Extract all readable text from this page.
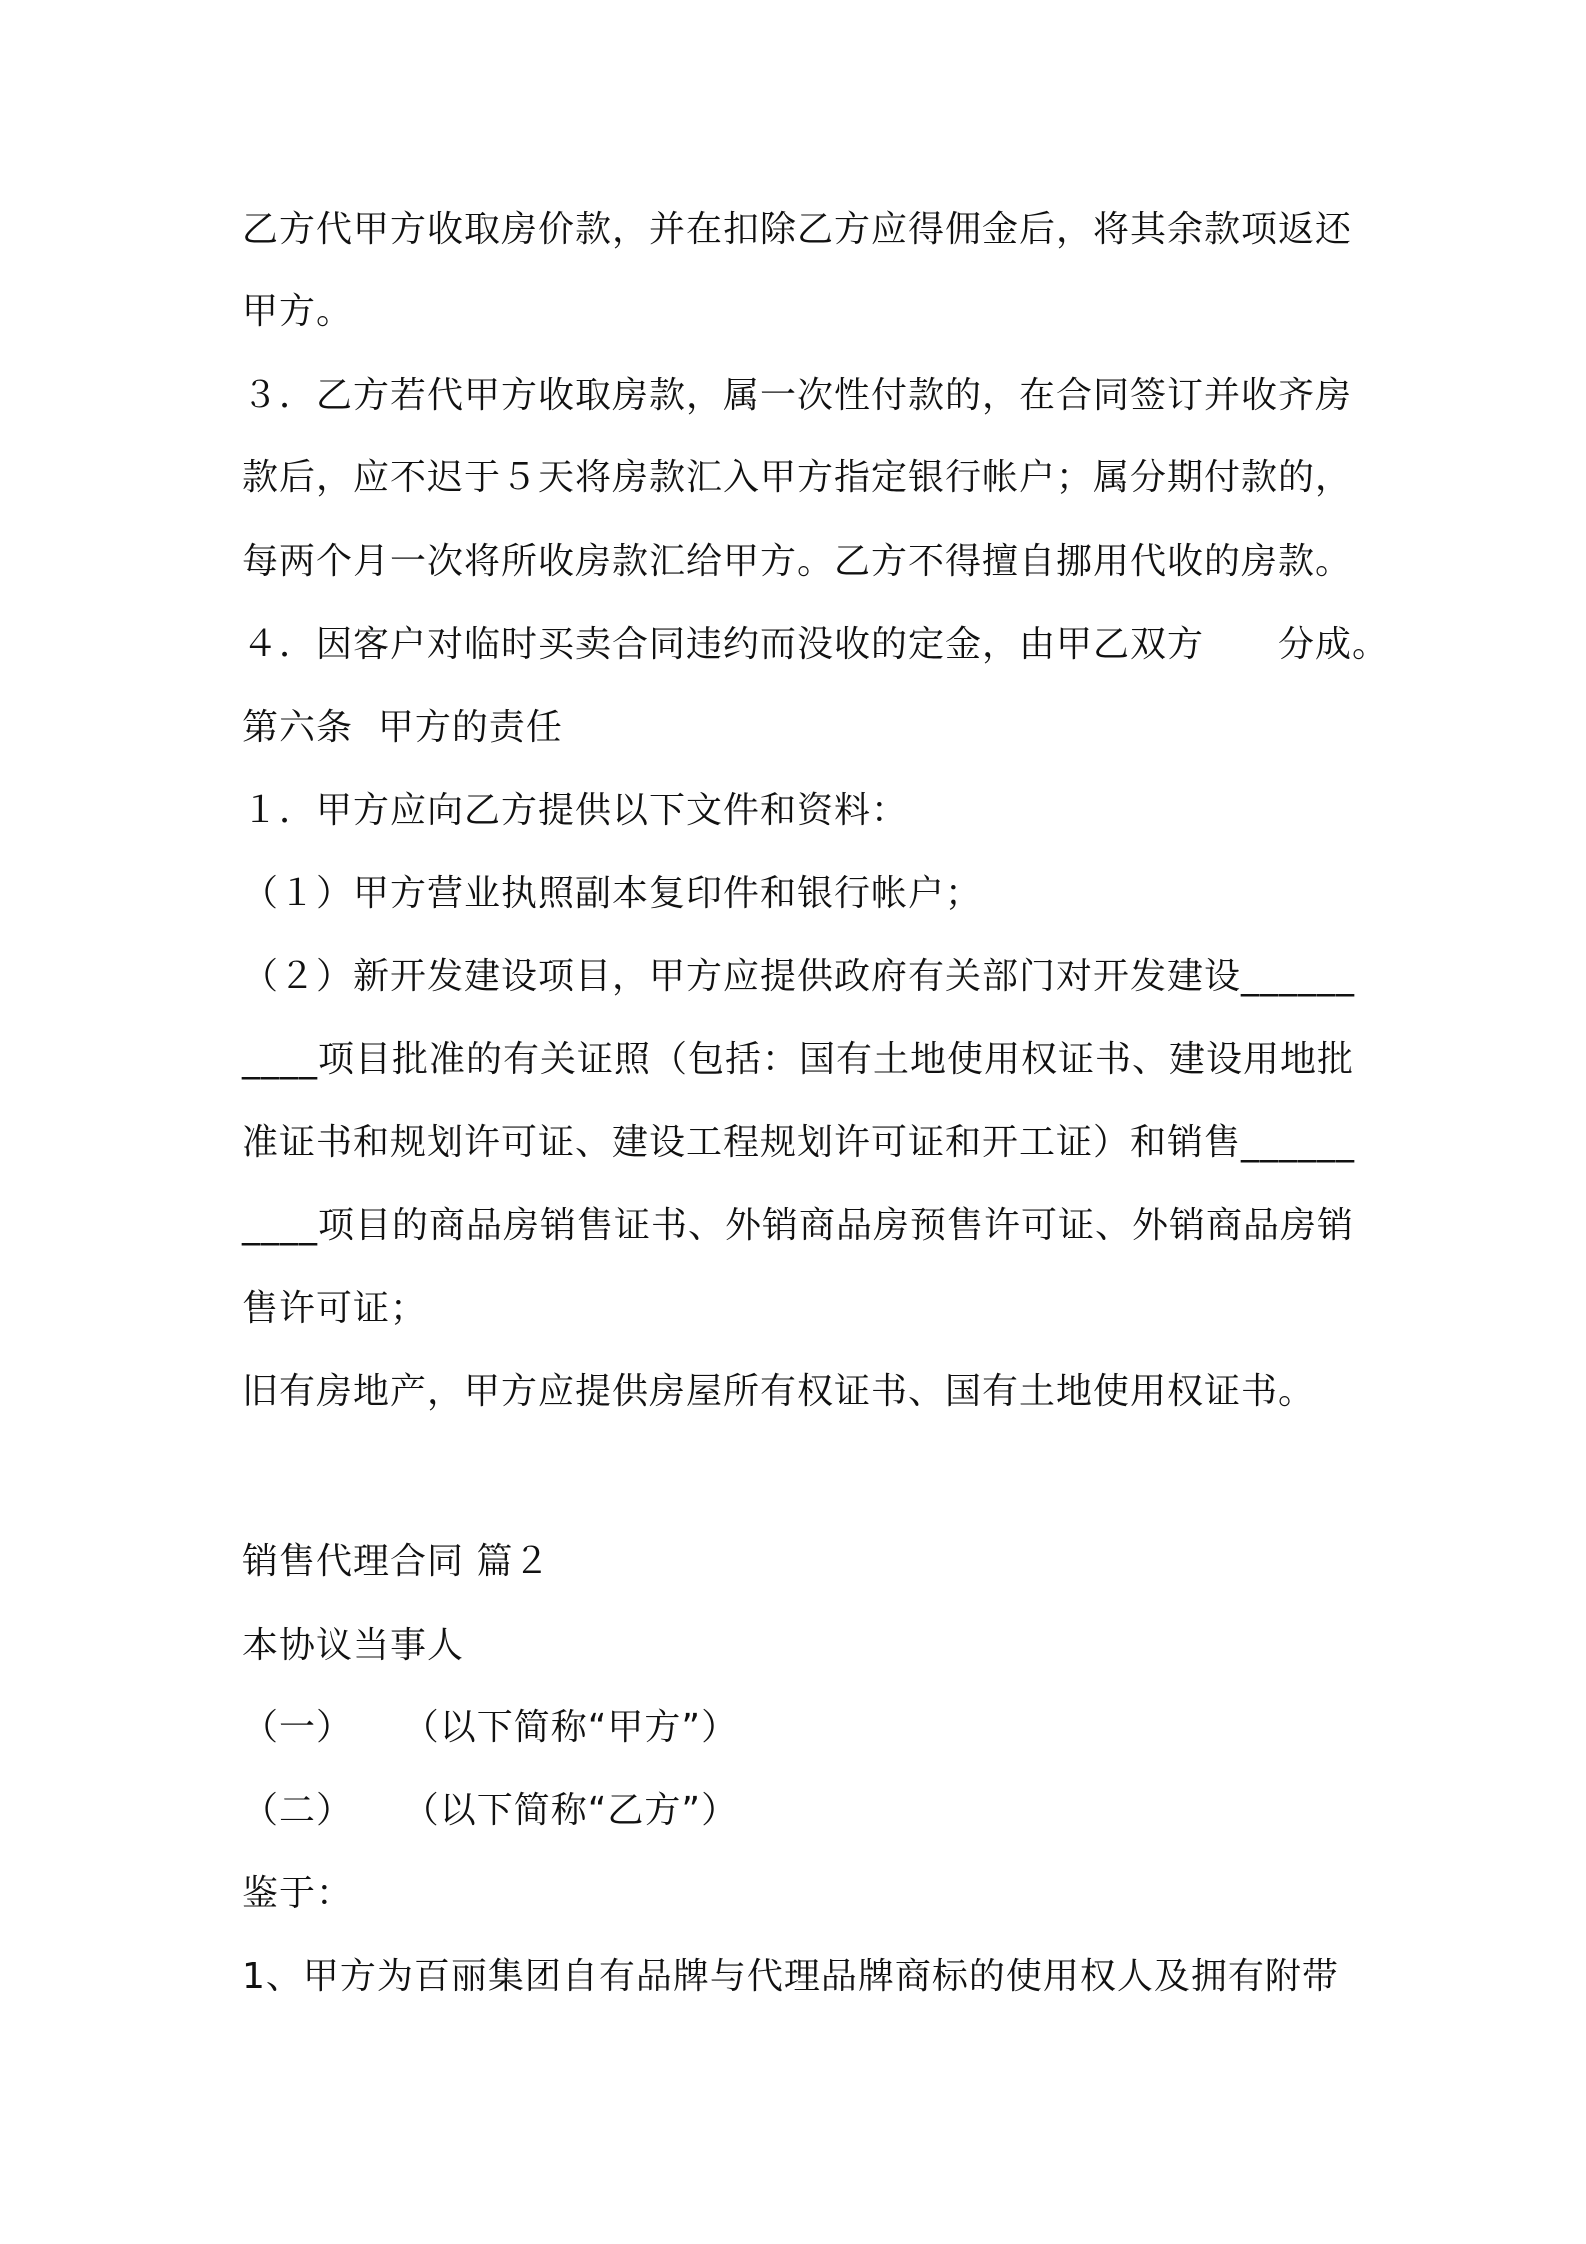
乙方代甲方收取房价款，并在扣除乙方应得佣金后，将其余款项返还
甲方。
３．乙方若代甲方收取房款，属一次性付款的，在合同签订并收齐房
款后，应不迟于５天将房款汇入甲方指定银行帐户；属分期付款的，
每两个月一次将所收房款汇给甲方。乙方不得擅自挪用代收的房款。
４．因客户对临时买卖合同违约而没收的定金，由甲乙双方　　分成。
第六条  甲方的责任
１．甲方应向乙方提供以下文件和资料：
（１）甲方营业执照副本复印件和银行帐户；
（２）新开发建设项目，甲方应提供政府有关部门对开发建设______
____项目批准的有关证照（包括：国有土地使用权证书、建设用地批
准证书和规划许可证、建设工程规划许可证和开工证）和销售______
____项目的商品房销售证书、外销商品房预售许可证、外销商品房销
售许可证；
旧有房地产，甲方应提供房屋所有权证书、国有土地使用权证书。
销售代理合同 篇２
本协议当事人
（一）    （以下简称“甲方”）
（二）    （以下简称“乙方”）
鉴于：
1、甲方为百丽集团自有品牌与代理品牌商标的使用权人及拥有附带
